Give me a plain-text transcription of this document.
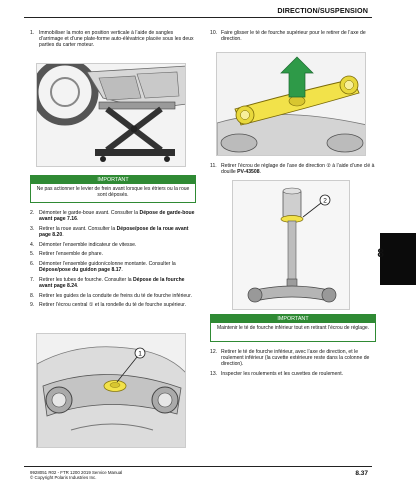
DIRECTION/SUSPENSION
1. Immobiliser la moto en position verticale à l’aide de sangles d’arrimage et d’une plate-forme auto-élévatrice placée sous les deux parties du carter moteur.
IMPORTANT
Ne pas actionner le levier de frein avant lorsque les étriers ou la roue sont déposés.
2. Démonter le garde-boue avant. Consulter la Dépose de garde-boue avant page 7.16.
3. Retirer la roue avant. Consulter la Dépose/pose de la roue avant page 8.20.
4. Démonter l’ensemble indicateur de vitesse.
5. Retirer l’ensemble de phare.
6. Démonter l’ensemble guidon/colonne montante. Consulter la Dépose/pose du guidon page 8.17.
7. Retirer les tubes de fourche. Consulter la Dépose de la fourche avant page 8.24.
8. Retirer les guides de la conduite de freins du té de fourche inférieur.
9. Retirer l’écrou central ① et la rondelle du té de fourche supérieur.
1
10. Faire glisser le té de fourche supérieur pour le retirer de l’axe de direction.
11. Retirer l’écrou de réglage de l’axe de direction ② à l’aide d’une clé à douille PV-43508.
2
IMPORTANT
Maintenir le té de fourche inférieur tout en retirant l’écrou de réglage.
12. Retirer le té de fourche inférieur, avec l’axe de direction, et le roulement inférieur (la cuvette extérieure reste dans la colonne de direction).
13. Inspecter les roulements et les cuvettes de roulement.
8
9928051 R02 - FTR 1200 2019 Service Manual
© Copyright Polaris Industries Inc.
8.37
